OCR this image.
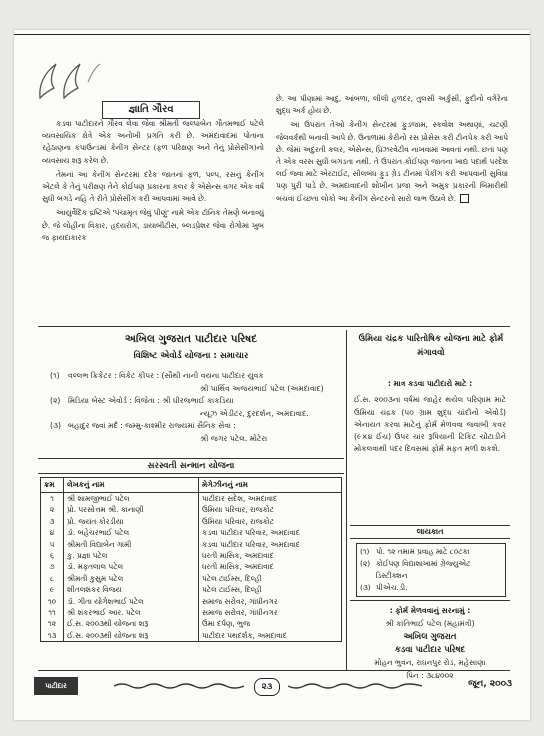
જ્ઞાતિ ગૌરવ

કડવા પાટીદારને ગૌરવ લેવા જેવા શ્રીમતી જલ્પાબેન ગૌતમભાઈ પટેલે વ્યવસાયિક ક્ષેત્રે એક અનોખી પ્રગતિ કરી છે. અમદાવાદમાં પોતાના રહેઠાણના કંપાઉન્ડમાં કેનીંગ સેન્ટર (ફળ પરિક્ષણ અને તેનું પ્રોસેસીંગ)નો વ્યવસાય શરૂ કરેલ છે.

તેમનાં આ કેનીંગ સેન્ટરમાં દરેક જાતનાં ફળ, પલ્પ, રસનું કેનીંગ એટલે કે તેનું પરીક્ષણ તેને કોઈપણ પ્રકારના કલર કે એસેન્સ વગર એક વર્ષ સુધી બગડે નહિ તે રીતે પ્રોસેસીંગ કરી આપવામાં આવે છે.

આયુર્વેદિક દ્રષ્ટિએ 'પંચામૃત જેવું પીણું' નામે એક ટૉનિક તેમણે બનાવ્યું છે. જે લોહીના વિકાર, હૃદયરોગ, ડાયાબીટીસ, બ્લડપ્રેશર જેવા રોગોમાં ખુબ જ ફાયદાકારક

છે. આ પીણામાં આદુ, આંબળા, લીલી હળદર, તુલસી અર્કુસી, ફુદીનો વગેરેના શુદ્ધ અર્ક હોય છે.

આ ઉપરાંત તેઓ કેનીંગ સેન્ટરમાં ફુડજામ, સ્કવોશ અથાણાં, ચટણી જેલવર્કથી બનાવી આપે છે. ઉનાળામાં કેરીનો રસ પ્રોસેસ કરી ટીનપેક કરી આપે છે. જેમાં અદુરતી કલર, એસેન્સ, પ્રિઝરવેટીવ નાખવામાં આવતાં નથી. છતાં પણ તે એક વરસ સુધી બગડતા નથી. તે ઉપરાંત કોઈપણ જાતના ખાદ્ય પદાર્થ પરદેશ લઈ જવા માટે એરટાઈટ, સીલબંધ ફુડ ગ્રેડ ટીનમાં પેકીંગ કરી આપવાની સુવિધા પણ પુરી પાડે છે. અમદાવાદની શોખીન પ્રજા અને અમુક પ્રકારની બિમારીથી બચવા ઈચ્છતા લોકો આ કેનીંગ સેન્ટરનો સારો લાભ ઉઠાવે છે.

અખિલ ગુજરાત પાટીદાર પરિષદ
વિશિષ્ટ એવોર્ડ યોજના : સમાચાર
(૧)	વલ્લભ ક્રિકેટર : વિકેટ કીપર : (સૌથી નાની વયના પાટીદાર યુવક
શ્રી પાર્થિવ અજયભાઈ પટેલ (અમદાવાદ)
(૨)	મિડિયા બેસ્ટ એવોર્ડ : વિજેતા : શ્રી ધીરજભાઈ કાકડિયા
ન્યૂઝ એડીટર, દુરદર્શન, અમદાવાદ.
(૩) બહાદુર જવાં મર્દ : જમ્મુ-કાશ્મીર રાજ્યમાં સૈનિક સેવા :
શ્રી જગર પટેલ. મોટેરા
સરસ્વતી સન્માન યોજના
ક્રમ	લેખકનું નામ	મેગેઝીનનું નામ
૧	શ્રી શામજીભાઈ પટેલ	પાટીદાર સંદેશ, અમદાવાદ
૨	પ્રો. પરસોત્તમ શ્રી. કાનાણી	ઉમિયા પરિવાર, રાજકોટ
૩	પ્રો. જયંત કોરડીયા	ઉમિયા પરિવાર, રાજકોટ
૪	ડૉ. બહેચરભાઈ પટેલ	કડવા પાટીદાર પરિવાર, અમદાવાદ
૫	શ્રીમતી વિદ્યાબેન ગામી	કડવા પાટીદાર પરિવાર, અમદાવાદ
૬	કુ. પ્રજ્ઞા પટેલ	ધરતી માસિક, અમદાવાદ
૭	ડૉ. મફતલાલ પટેલ	ધરતી માસિક, અમદાવાદ
૮	શ્રીમતી કુસુમ પટેલ	પટેલ ટાઈમ્સ, દિલ્હી
૯	શીતલશંકર વિજય	પટેલ ટાઈમ્સ, દિલ્હી
૧૦	ડૉ. ગીતા યોગેશભાઈ પટેલ	સમાજ સરોવર, ગાંધીનગર
૧૧	શ્રી શંકરભાઈ આર. પટેલ	સમાજ સરોવર, ગાંધીનગર
૧૨	ઈ.સ. ૨૦૦૩થી યોજના શરૂ	ઉમા દર્પણ, ભુજ
૧૩	ઈ.સ. ૨૦૦૩થી યોજના શરૂ	પાટીદાર પથદર્શક, અમદાવાદ
ઉમિયા ચંદ્રક પારિતોષિક યોજના માટે ફોર્મ મંગાવવો
: માત્ર કડવા પાટીદારો માટે :
ઈ.સ. ૨૦૦૩ના વર્ષમાં જાહેર થયેલ પરિણામ માટે ઉમિયા ચંદ્રક (૫૦ ગ્રામ શુદ્ધ ચાંદીનો એવોર્ડ) એનાયત કરવા માટેનું ફોર્મ મેળવવા જવાબી કવર (૯×૪ ઈંચ) ઉપર ચાર રૂપિયાની ટિકિટ ચોંટાડીને મોકલવાથી પંદર દિવસમાં ફોર્મ મફત મળી શકશે.
લાયકાત
(૧) પો. ૧૨ તમામ પ્રવાહ માટે ૮૦ટકા
(૨) કોઈપણ વિદ્યાશાખામાં ગ્રેજ્યુએટ ડિસ્ટીંક્શન
(૩) પીએચ.ડી.
: ફોર્મ મેળવવાનું સરનામું :
શ્રી કાંતિભાઈ પટેલ (મહામંત્રી)
અખિલ ગુજરાત
કડવા પાટીદાર પરિષદ
મોહન ભુવન, રાધનપુર રોડ, મહેસાણા
પિન : ૩૮૪૦૦૨
પાટીદાર	૨૩	જૂન, ૨૦૦૩
